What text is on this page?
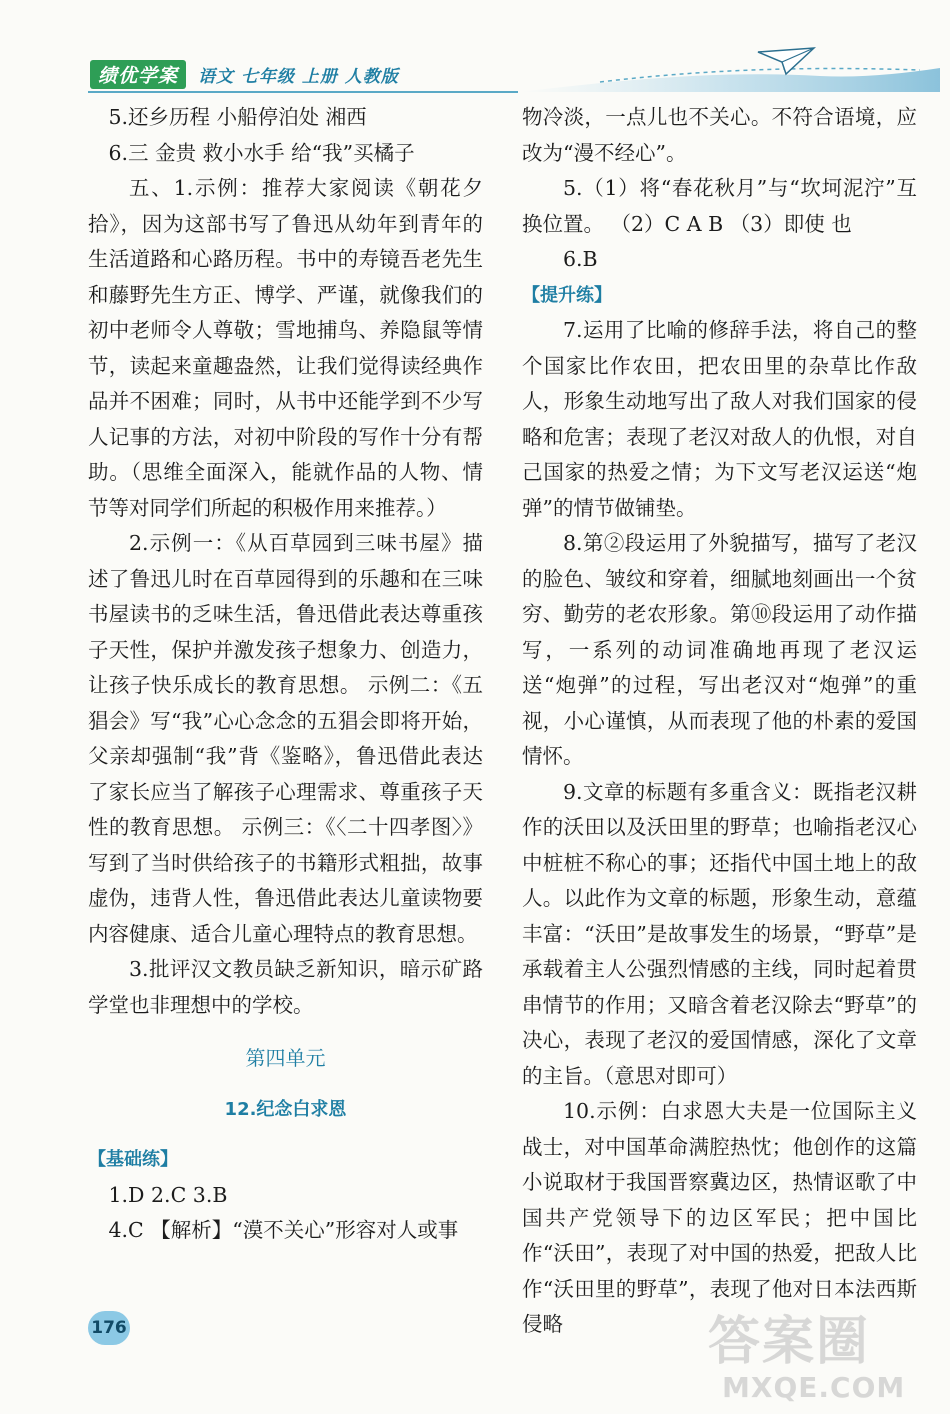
绩优学案	语文 七年级 上册 人教版

5.还乡历程 小船停泊处 湘西

6.三 金贵 救小水手 给“我”买橘子

五、1.示例：推荐大家阅读《朝花夕拾》，因为这部书写了鲁迅从幼年到青年的生活道路和心路历程。书中的寿镜吾老先生和藤野先生方正、博学、严谨，就像我们的初中老师令人尊敬；雪地捕鸟、养隐鼠等情节，读起来童趣盎然，让我们觉得读经典作品并不困难；同时，从书中还能学到不少写人记事的方法，对初中阶段的写作十分有帮助。（思维全面深入，能就作品的人物、情节等对同学们所起的积极作用来推荐。）

2.示例一：《从百草园到三味书屋》描述了鲁迅儿时在百草园得到的乐趣和在三味书屋读书的乏味生活，鲁迅借此表达尊重孩子天性，保护并激发孩子想象力、创造力，让孩子快乐成长的教育思想。 示例二：《五猖会》写“我”心心念念的五猖会即将开始，父亲却强制“我”背《鉴略》，鲁迅借此表达了家长应当了解孩子心理需求、尊重孩子天性的教育思想。 示例三：《〈二十四孝图〉》写到了当时供给孩子的书籍形式粗拙，故事虚伪，违背人性，鲁迅借此表达儿童读物要内容健康、适合儿童心理特点的教育思想。

3.批评汉文教员缺乏新知识，暗示矿路学堂也非理想中的学校。

第四单元

12.纪念白求恩

【基础练】

1.D 2.C 3.B

4.C 【解析】“漠不关心”形容对人或事

物冷淡，一点儿也不关心。不符合语境，应改为“漫不经心”。

5.（1）将“春花秋月”与“坎坷泥泞”互换位置。 （2）C A B （3）即使 也

6.B

【提升练】

7.运用了比喻的修辞手法，将自己的整个国家比作农田，把农田里的杂草比作敌人，形象生动地写出了敌人对我们国家的侵略和危害；表现了老汉对敌人的仇恨，对自己国家的热爱之情；为下文写老汉运送“炮弹”的情节做铺垫。

8.第②段运用了外貌描写，描写了老汉的脸色、皱纹和穿着，细腻地刻画出一个贫穷、勤劳的老农形象。第⑩段运用了动作描写，一系列的动词准确地再现了老汉运送“炮弹”的过程，写出老汉对“炮弹”的重视，小心谨慎，从而表现了他的朴素的爱国情怀。

9.文章的标题有多重含义：既指老汉耕作的沃田以及沃田里的野草；也喻指老汉心中桩桩不称心的事；还指代中国土地上的敌人。以此作为文章的标题，形象生动，意蕴丰富：“沃田”是故事发生的场景，“野草”是承载着主人公强烈情感的主线，同时起着贯串情节的作用；又暗含着老汉除去“野草”的决心，表现了老汉的爱国情感，深化了文章的主旨。（意思对即可）

10.示例：白求恩大夫是一位国际主义战士，对中国革命满腔热忱；他创作的这篇小说取材于我国晋察冀边区，热情讴歌了中国共产党领导下的边区军民；把中国比作“沃田”，表现了对中国的热爱，把敌人比作“沃田里的野草”，表现了他对日本法西斯侵略

176	答案圈
MXQE.COM
